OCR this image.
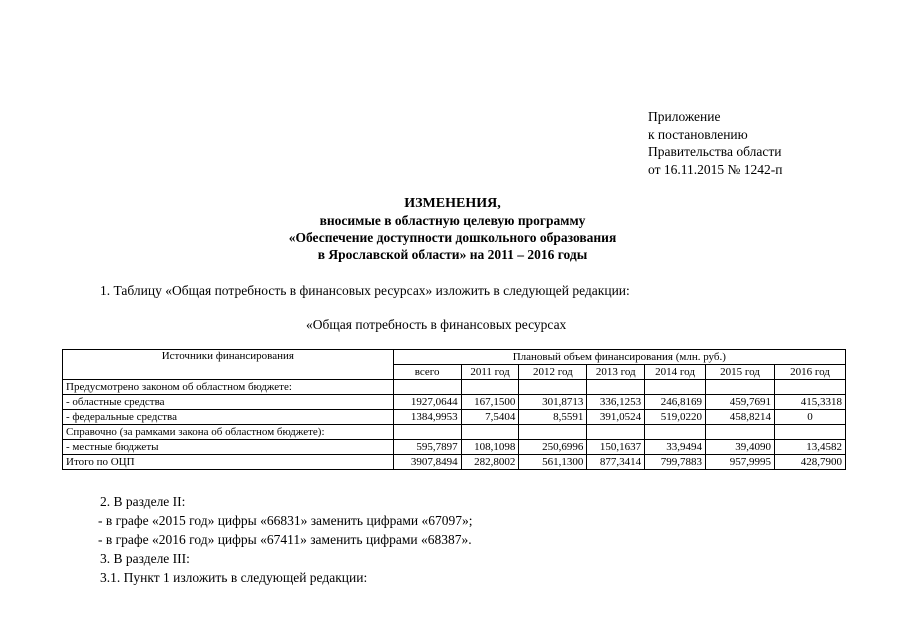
Приложение
к постановлению
Правительства области
от 16.11.2015 № 1242-п
ИЗМЕНЕНИЯ,
вносимые в областную целевую программу
«Обеспечение доступности дошкольного образования
в Ярославской области» на 2011 – 2016 годы
1. Таблицу «Общая потребность в финансовых ресурсах» изложить в следующей редакции:
«Общая потребность в финансовых ресурсах
Источники финансирования	Плановый объем финансирования (млн. руб.)						
	всего	2011 год	2012 год	2013 год	2014 год	2015 год	2016 год
Предусмотрено законом об областном бюджете:							
- областные средства	1927,0644	167,1500	301,8713	336,1253	246,8169	459,7691	415,3318
- федеральные средства	1384,9953	7,5404	8,5591	391,0524	519,0220	458,8214	0
Справочно (за рамками закона об областном бюджете):							
- местные бюджеты	595,7897	108,1098	250,6996	150,1637	33,9494	39,4090	13,4582
Итого по ОЦП	3907,8494	282,8002	561,1300	877,3414	799,7883	957,9995	428,7900
2. В разделе II:
- в графе «2015 год» цифры «66831» заменить цифрами «67097»;
- в графе «2016 год» цифры «67411» заменить цифрами «68387».
3. В разделе III:
3.1. Пункт 1 изложить в следующей редакции:
